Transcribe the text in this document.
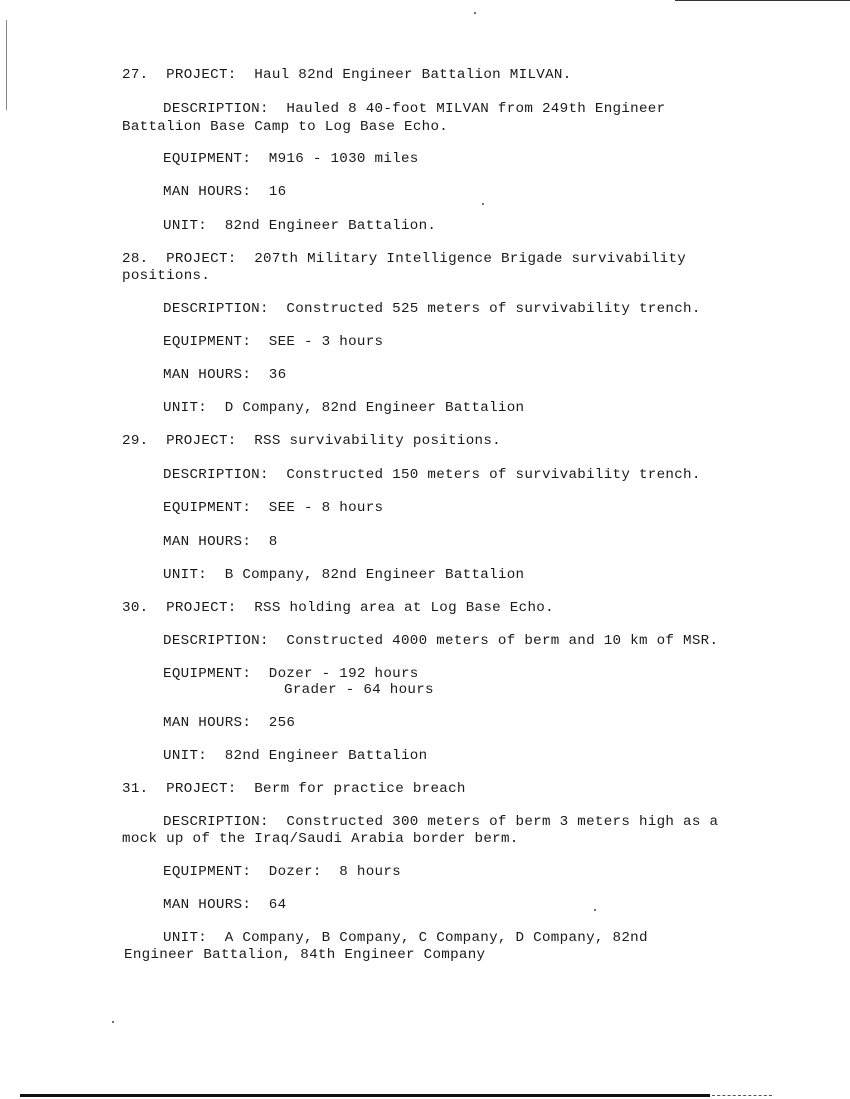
27.  PROJECT:  Haul 82nd Engineer Battalion MILVAN.
DESCRIPTION:  Hauled 8 40-foot MILVAN from 249th Engineer
Battalion Base Camp to Log Base Echo.
EQUIPMENT:  M916 - 1030 miles
MAN HOURS:  16
UNIT:  82nd Engineer Battalion.
28.  PROJECT:  207th Military Intelligence Brigade survivability
positions.
DESCRIPTION:  Constructed 525 meters of survivability trench.
EQUIPMENT:  SEE - 3 hours
MAN HOURS:  36
UNIT:  D Company, 82nd Engineer Battalion
29.  PROJECT:  RSS survivability positions.
DESCRIPTION:  Constructed 150 meters of survivability trench.
EQUIPMENT:  SEE - 8 hours
MAN HOURS:  8
UNIT:  B Company, 82nd Engineer Battalion
30.  PROJECT:  RSS holding area at Log Base Echo.
DESCRIPTION:  Constructed 4000 meters of berm and 10 km of MSR.
EQUIPMENT:  Dozer - 192 hours
Grader - 64 hours
MAN HOURS:  256
UNIT:  82nd Engineer Battalion
31.  PROJECT:  Berm for practice breach
DESCRIPTION:  Constructed 300 meters of berm 3 meters high as a
mock up of the Iraq/Saudi Arabia border berm.
EQUIPMENT:  Dozer:  8 hours
MAN HOURS:  64
UNIT:  A Company, B Company, C Company, D Company, 82nd
Engineer Battalion, 84th Engineer Company
